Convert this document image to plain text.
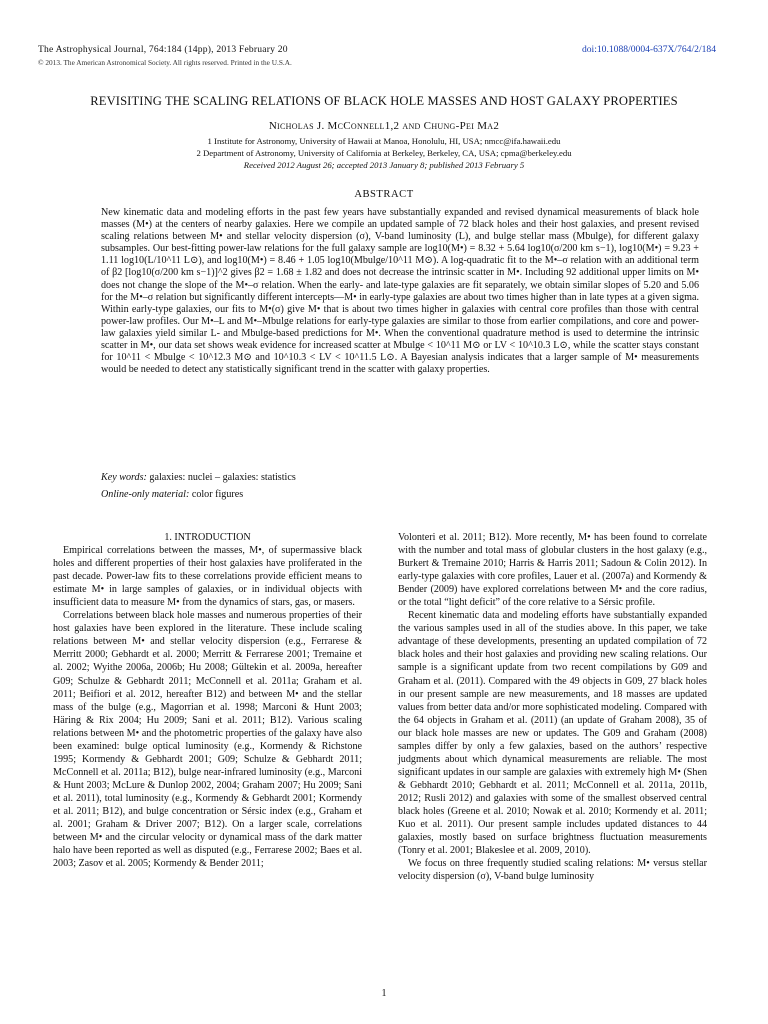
The Astrophysical Journal, 764:184 (14pp), 2013 February 20
© 2013. The American Astronomical Society. All rights reserved. Printed in the U.S.A.
doi:10.1088/0004-637X/764/2/184
REVISITING THE SCALING RELATIONS OF BLACK HOLE MASSES AND HOST GALAXY PROPERTIES
Nicholas J. McConnell1,2 and Chung-Pei Ma2
1 Institute for Astronomy, University of Hawaii at Manoa, Honolulu, HI, USA; nmcc@ifa.hawaii.edu
2 Department of Astronomy, University of California at Berkeley, Berkeley, CA, USA; cpma@berkeley.edu
Received 2012 August 26; accepted 2013 January 8; published 2013 February 5
ABSTRACT

New kinematic data and modeling efforts in the past few years have substantially expanded and revised dynamical measurements of black hole masses (M•) at the centers of nearby galaxies. Here we compile an updated sample of 72 black holes and their host galaxies, and present revised scaling relations between M• and stellar velocity dispersion (σ), V-band luminosity (L), and bulge stellar mass (Mbulge), for different galaxy subsamples. Our best-fitting power-law relations for the full galaxy sample are log10(M•) = 8.32 + 5.64 log10(σ/200 km s−1), log10(M•) = 9.23 + 1.11 log10(L/10^11 L⊙), and log10(M•) = 8.46 + 1.05 log10(Mbulge/10^11 M⊙). A log-quadratic fit to the M•–σ relation with an additional term of β2 [log10(σ/200 km s−1)]^2 gives β2 = 1.68 ± 1.82 and does not decrease the intrinsic scatter in M•. Including 92 additional upper limits on M• does not change the slope of the M•–σ relation. When the early- and late-type galaxies are fit separately, we obtain similar slopes of 5.20 and 5.06 for the M•–σ relation but significantly different intercepts—M• in early-type galaxies are about two times higher than in late types at a given sigma. Within early-type galaxies, our fits to M•(σ) give M• that is about two times higher in galaxies with central core profiles than those with central power-law profiles. Our M•–L and M•–Mbulge relations for early-type galaxies are similar to those from earlier compilations, and core and power-law galaxies yield similar L- and Mbulge-based predictions for M•. When the conventional quadrature method is used to determine the intrinsic scatter in M•, our data set shows weak evidence for increased scatter at Mbulge < 10^11 M⊙ or LV < 10^10.3 L⊙, while the scatter stays constant for 10^11 < Mbulge < 10^12.3 M⊙ and 10^10.3 < LV < 10^11.5 L⊙. A Bayesian analysis indicates that a larger sample of M• measurements would be needed to detect any statistically significant trend in the scatter with galaxy properties.

Key words: galaxies: nuclei – galaxies: statistics
Online-only material: color figures

1. INTRODUCTION

Empirical correlations between the masses, M•, of supermassive black holes and different properties of their host galaxies have proliferated in the past decade. Power-law fits to these correlations provide efficient means to estimate M• in large samples of galaxies, or in individual objects with insufficient data to measure M• from the dynamics of stars, gas, or masers.

Correlations between black hole masses and numerous properties of their host galaxies have been explored in the literature. These include scaling relations between M• and stellar velocity dispersion (e.g., Ferrarese & Merritt 2000; Gebhardt et al. 2000; Merritt & Ferrarese 2001; Tremaine et al. 2002; Wyithe 2006a, 2006b; Hu 2008; Gültekin et al. 2009a, hereafter G09; Schulze & Gebhardt 2011; McConnell et al. 2011a; Graham et al. 2011; Beifiori et al. 2012, hereafter B12) and between M• and the stellar mass of the bulge (e.g., Magorrian et al. 1998; Marconi & Hunt 2003; Häring & Rix 2004; Hu 2009; Sani et al. 2011; B12). Various scaling relations between M• and the photometric properties of the galaxy have also been examined: bulge optical luminosity (e.g., Kormendy & Richstone 1995; Kormendy & Gebhardt 2001; G09; Schulze & Gebhardt 2011; McConnell et al. 2011a; B12), bulge near-infrared luminosity (e.g., Marconi & Hunt 2003; McLure & Dunlop 2002, 2004; Graham 2007; Hu 2009; Sani et al. 2011), total luminosity (e.g., Kormendy & Gebhardt 2001; Kormendy et al. 2011; B12), and bulge concentration or Sérsic index (e.g., Graham et al. 2001; Graham & Driver 2007; B12). On a larger scale, correlations between M• and the circular velocity or dynamical mass of the dark matter halo have been reported as well as disputed (e.g., Ferrarese 2002; Baes et al. 2003; Zasov et al. 2005; Kormendy & Bender 2011;

Volonteri et al. 2011; B12). More recently, M• has been found to correlate with the number and total mass of globular clusters in the host galaxy (e.g., Burkert & Tremaine 2010; Harris & Harris 2011; Sadoun & Colin 2012). In early-type galaxies with core profiles, Lauer et al. (2007a) and Kormendy & Bender (2009) have explored correlations between M• and the core radius, or the total “light deficit” of the core relative to a Sérsic profile.

Recent kinematic data and modeling efforts have substantially expanded the various samples used in all of the studies above. In this paper, we take advantage of these developments, presenting an updated compilation of 72 black holes and their host galaxies and providing new scaling relations. Our sample is a significant update from two recent compilations by G09 and Graham et al. (2011). Compared with the 49 objects in G09, 27 black holes in our present sample are new measurements, and 18 masses are updated values from better data and/or more sophisticated modeling. Compared with the 64 objects in Graham et al. (2011) (an update of Graham 2008), 35 of our black hole masses are new or updates. The G09 and Graham (2008) samples differ by only a few galaxies, based on the authors’ respective judgments about which dynamical measurements are reliable. The most significant updates in our sample are galaxies with extremely high M• (Shen & Gebhardt 2010; Gebhardt et al. 2011; McConnell et al. 2011a, 2011b, 2012; Rusli 2012) and galaxies with some of the smallest observed central black holes (Greene et al. 2010; Nowak et al. 2010; Kormendy et al. 2011; Kuo et al. 2011). Our present sample includes updated distances to 44 galaxies, mostly based on surface brightness fluctuation measurements (Tonry et al. 2001; Blakeslee et al. 2009, 2010).

We focus on three frequently studied scaling relations: M• versus stellar velocity dispersion (σ), V-band bulge luminosity

1
